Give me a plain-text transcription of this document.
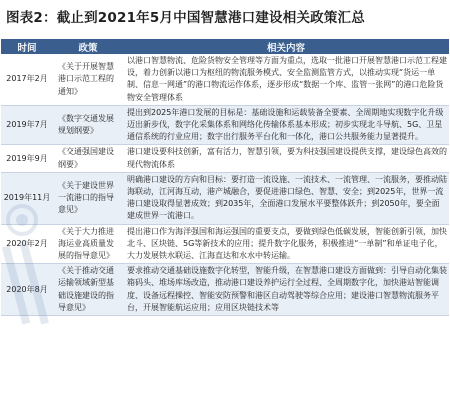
图表2：截止到2021年5月中国智慧港口建设相关政策汇总
时间	政策	相关内容
2017年2月	《关于开展智慧港口示范工程的通知》	以港口智慧物流、危险货物安全管理等方面为重点，选取一批港口开展智慧港口示范工程建设，着力创新以港口为枢纽的物流服务模式、安全监测监管方式，以推动实现“货运一单制、信息一网通”的港口物流运作体系，逐步形成“数据一个库、监管一张网”的港口危险货物安全管理体系
2019年7月	《数字交通发展规划纲要》	提出到2025年港口发展的目标是：基础设施和运载装备全要素、全周期地实现数字化升级迈出新步伐，数字化采集体系和网络化传输体系基本形成；初步实现北斗导航、5G、卫星通信系统的行业应用；数字出行服务平台化和一体化，港口公共服务能力显著提升。
2019年9月	《交通强国建设纲要》	港口建设要科技创新，富有活力，智慧引领，要为科技强国建设提供支撑，建设绿色高效的现代物流体系
2019年11月	《关于建设世界一流港口的指导意见》	明确港口建设的方向和目标：要打造一流设施、一流技术、一流管理、一流服务，要推动陆海联动，江河海互动，港产城融合，要促进港口绿色、智慧、安全；到2025年，世界一流港口建设取得显著成效；到2035年，全面港口发展水平要整体跃升；到2050年，要全面建成世界一流港口。
2020年2月	《关于大力推进海运业高质量发展的指导意见》	提出港口作为海洋强国和海运强国的重要支点，要做到绿色低碳发展，智能创新引领，加快北斗、区块链、5G等新技术的应用；提升数字化服务，积极推进“一单制”和单证电子化，大力发展铁水联运、江海直达和水水中转运输。
2020年8月	《关于推动交通运输领域新型基础设施建设的指导意见》	要求推动交通基础设施数字化转型，智能升级，在智慧港口建设方面做到：引导自动化集装箱码头、堆场库场改造，推动港口建设养护运行全过程、全周期数字化，加快港站智能调度、设备远程操控、智能安防预警和港区自动驾驶等综合应用；建设港口智慧物流服务平台，开展智能航运应用；应用区块链技术等
